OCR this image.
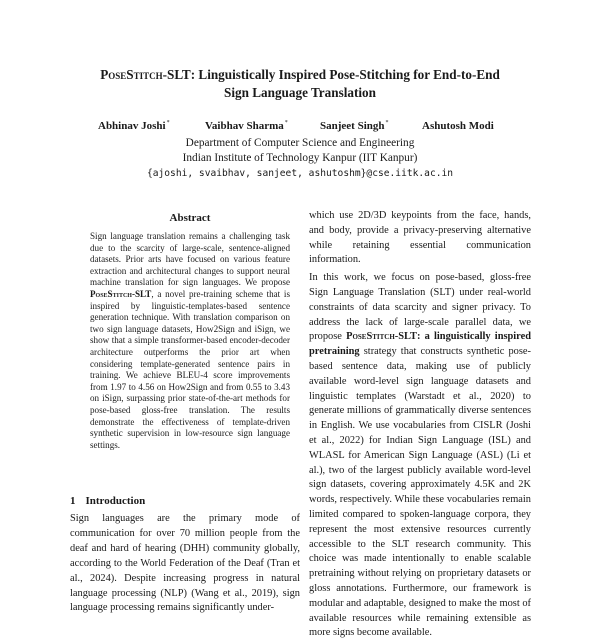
PoseStitch-SLT: Linguistically Inspired Pose-Stitching for End-to-End
Sign Language Translation
Abhinav Joshi*	Vaibhav Sharma*	Sanjeet Singh*	Ashutosh Modi
Department of Computer Science and Engineering
Indian Institute of Technology Kanpur (IIT Kanpur)
{ajoshi, svaibhav, sanjeet, ashutoshm}@cse.iitk.ac.in
Abstract

Sign language translation remains a challenging task due to the scarcity of large-scale, sentence-aligned datasets. Prior arts have focused on various feature extraction and architectural changes to support neural machine translation for sign languages. We propose PoseStitch-SLT, a novel pre-training scheme that is inspired by linguistic-templates-based sentence generation technique. With translation comparison on two sign language datasets, How2Sign and iSign, we show that a simple transformer-based encoder-decoder architecture outperforms the prior art when considering template-generated sentence pairs in training. We achieve BLEU-4 score improvements from 1.97 to 4.56 on How2Sign and from 0.55 to 3.43 on iSign, surpassing prior state-of-the-art methods for pose-based gloss-free translation. The results demonstrate the effectiveness of template-driven synthetic supervision in low-resource sign language settings.

1 Introduction

Sign languages are the primary mode of communication for over 70 million people from the deaf and hard of hearing (DHH) community globally, according to the World Federation of the Deaf (Tran et al., 2024). Despite increasing progress in natural language processing (NLP) (Wang et al., 2019), sign language processing remains significantly under-

which use 2D/3D keypoints from the face, hands, and body, provide a privacy-preserving alternative while retaining essential communication information.

In this work, we focus on pose-based, gloss-free Sign Language Translation (SLT) under real-world constraints of data scarcity and signer privacy. To address the lack of large-scale parallel data, we propose PoseStitch-SLT: a linguistically inspired pretraining strategy that constructs synthetic pose-based sentence data, making use of publicly available word-level sign language datasets and linguistic templates (Warstadt et al., 2020) to generate millions of grammatically diverse sentences in English. We use vocabularies from CISLR (Joshi et al., 2022) for Indian Sign Language (ISL) and WLASL for American Sign Language (ASL) (Li et al.), two of the largest publicly available word-level sign datasets, covering approximately 4.5K and 2K words, respectively. While these vocabularies remain limited compared to spoken-language corpora, they represent the most extensive resources currently accessible to the SLT research community. This choice was made intentionally to enable scalable pretraining without relying on proprietary datasets or gloss annotations. Furthermore, our framework is modular and adaptable, designed to make the most of available resources while remaining extensible as more signs become available.
